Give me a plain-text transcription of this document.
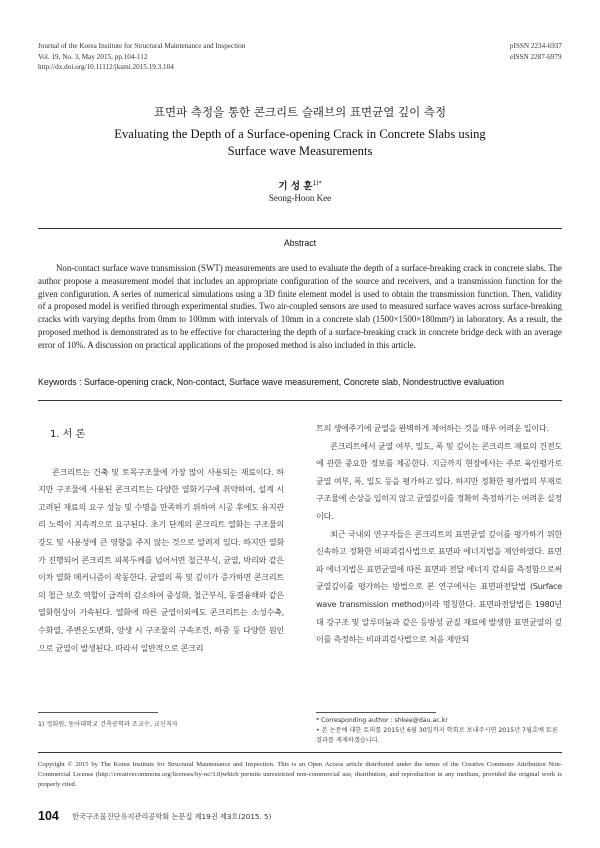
Journal of the Korea Institute for Structural Maintenance and Inspection
Vol. 19, No. 3, May 2015, pp.104-112
http://dx.doi.org/10.11112/jksmi.2015.19.3.104
pISSN 2234-6937
eISSN 2287-6979
표면파 측정을 통한 콘크리트 슬래브의 표면균열 깊이 측정
Evaluating the Depth of a Surface-opening Crack in Concrete Slabs using
Surface wave Measurements
기 성 훈$^{1)*}$
Seong-Hoon Kee
Abstract
Non-contact surface wave transmission (SWT) measurements are used to evaluate the depth of a surface-breaking crack in concrete slabs. The author propose a measurement model that includes an appropriate configuration of the source and receivers, and a transmission function for the given configuration. A series of numerical simulations using a 3D finite element model is used to obtain the transmission function. Then, validity of a proposed model is verified through experimental studies. Two air-coupled sensors are used to measured surface waves across surface-breaking cracks with varying depths from 0mm to 100mm with intervals of 10mm in a concrete slab (1500×1500×180mm³) in laboratory. As a result, the proposed method is demonstrated as to be effective for charactering the depth of a surface-breaking crack in concrete bridge deck with an average error of 10%. A discussion on practical applications of the proposed method is also included in this article.
Keywords : Surface-opening crack, Non-contact, Surface wave measurement, Concrete slab, Nondestructive evaluation
1. 서 론

콘크리트는 건축 및 토목구조물에 가장 많이 사용되는 재료이다. 하지만 구조물에 사용된 콘크리트는 다양한 열화기구에 취약하여, 설계 시 고려된 재료의 요구 성능 및 수명을 만족하기 위하여 시공 후에도 유지관리 노력이 지속적으로 요구된다. 초기 단계의 콘크리트 열화는 구조물의 강도 및 사용성에 큰 영향을 주지 않는 것으로 알려져 있다. 하지만 열화가 진행되어 콘크리트 피복두께를 넘어서면 철근부식, 균열, 박리와 같은 이차 열화 메커니즘이 작동한다. 균열의 폭 및 깊이가 증가하면 콘크리트의 철근 보호 역할이 급격히 감소하여 중성화, 철근부식, 동결융해와 같은 열화현상이 가속된다. 열화에 따른 균열이외에도 콘크리트는 소성수축, 수화열, 주변온도변화, 양생 시 구조물의 구속조건, 하중 등 다양한 원인으로 균열이 발생된다. 따라서 일반적으로 콘크리

트의 생애주기에 균열을 완벽하게 제어하는 것을 매우 어려운 일이다.

콘크리트에서 균열 여부, 밀도, 폭 및 깊이는 콘크리트 재료의 건전도에 관한 중요한 정보를 제공한다. 지금까지 현장에서는 주로 육안평가로 균열 여부, 폭, 밀도 등을 평가하고 있다. 하지만 정확한 평가법의 부재로 구조물에 손상을 입히지 않고 균열깊이를 정확히 측정하기는 어려운 실정이다.

최근 국내외 연구자들은 콘크리트의 표면균열 깊이를 평가하기 위한 신속하고 정확한 비파괴검사법으로 표면파 에너지법을 제안하였다. 표면파 에너지법은 표면균열에 따른 표면파 전달 에너지 감쇠를 측정함으로써 균열깊이를 평가하는 방법으로 본 연구에서는 표면파전달법 (Surface wave transmission method)이라 명칭한다. 표면파전달법은 1980년대 강구조 및 알루미늄과 같은 등방성 균질 재료에 발생한 표면균열의 깊이를 측정하는 비파괴검사법으로 처음 제안되

1) 정회원, 동아대학교 건축공학과 조교수, 교신저자
* Corresponding author : shkee@dau.ac.kr
• 본 논문에 대한 토의를 2015년 6월 30일까지 학회로 보내주시면 2015년 7월호에 토론결과를 게재하겠습니다.
Copyright © 2015 by The Korea Institute for Structural Maintenance and Inspection. This is an Open Access article distributed under the terms of the Creative Commons Attribution Non-Commercial License (http://creativecommons.org/licenses/by-nc/3.0)which permits unrestricted non-commercial use, distribution, and reproduction in any medium, provided the original work is properly cited.
104 한국구조물진단유지관리공학회 논문집 제19권 제3호(2015. 5)
